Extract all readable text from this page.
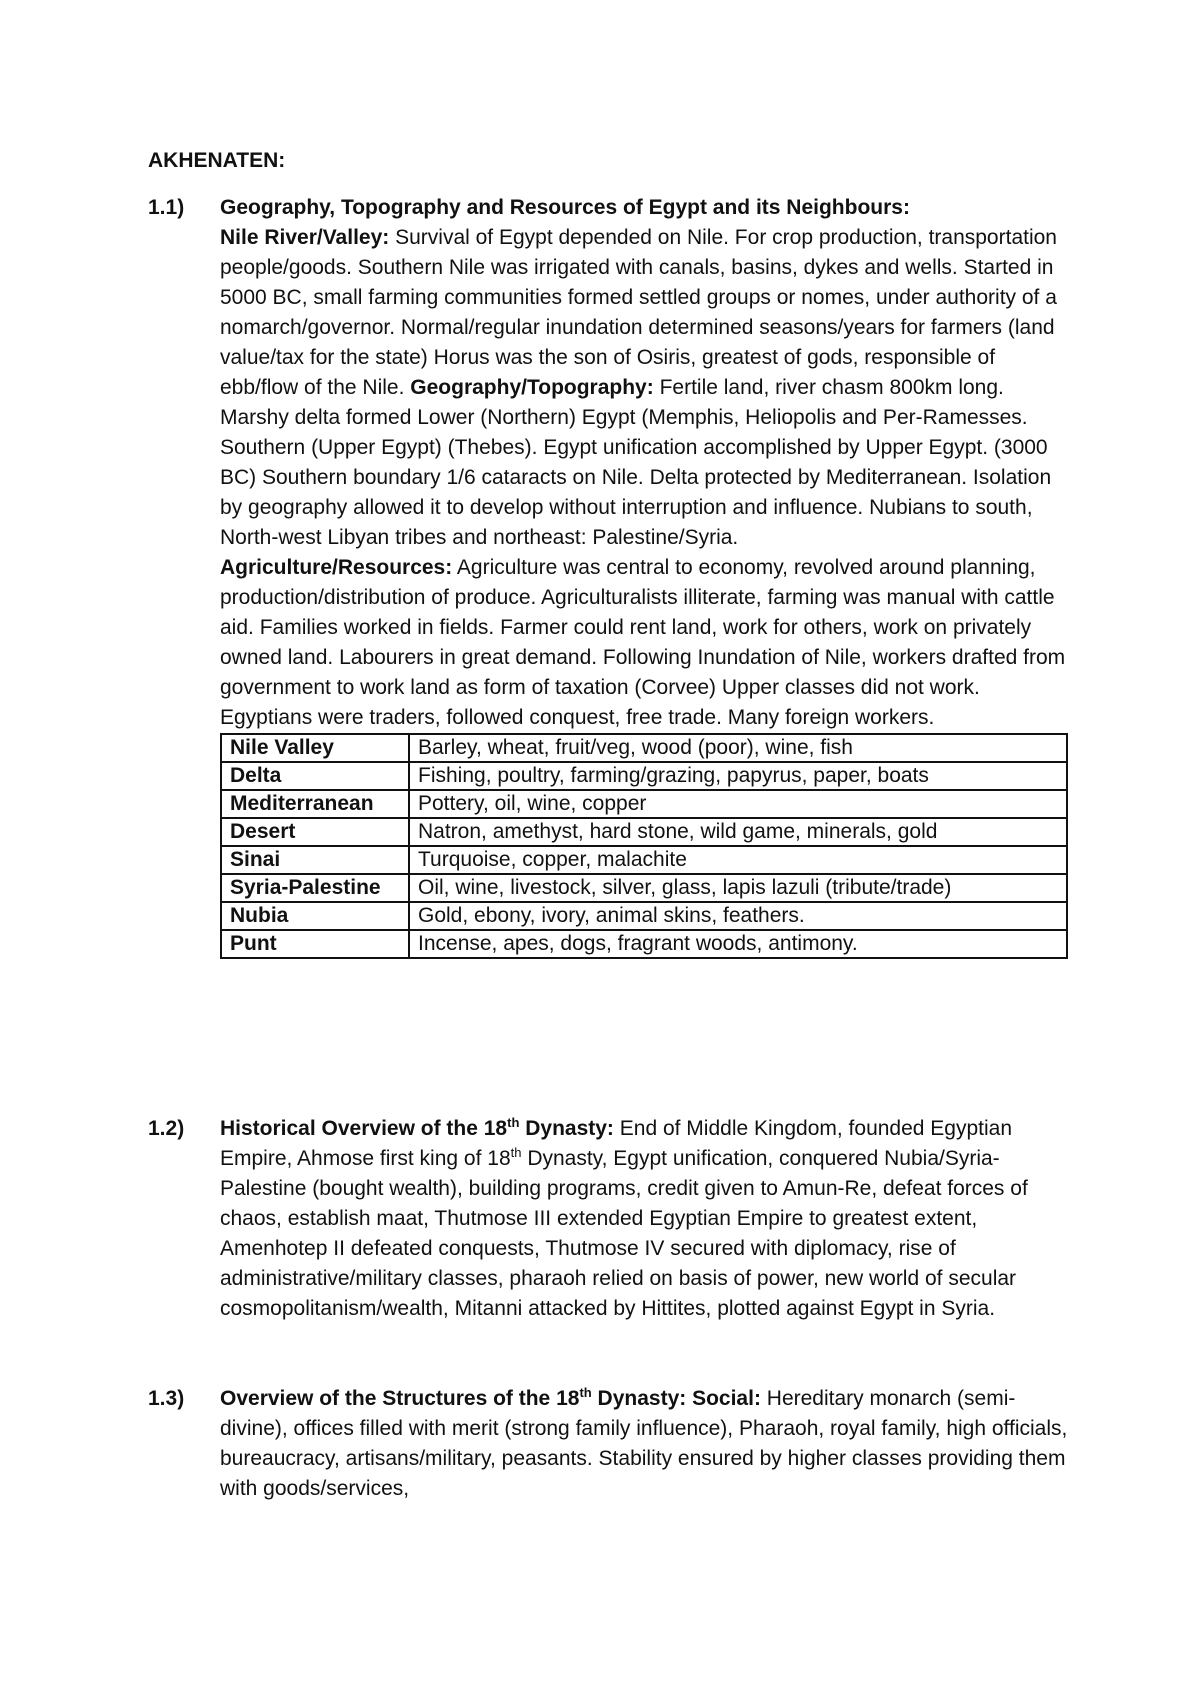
AKHENATEN:
1.1) Geography, Topography and Resources of Egypt and its Neighbours:
Nile River/Valley: Survival of Egypt depended on Nile. For crop production, transportation people/goods. Southern Nile was irrigated with canals, basins, dykes and wells. Started in 5000 BC, small farming communities formed settled groups or nomes, under authority of a nomarch/governor. Normal/regular inundation determined seasons/years for farmers (land value/tax for the state) Horus was the son of Osiris, greatest of gods, responsible of ebb/flow of the Nile. Geography/Topography: Fertile land, river chasm 800km long. Marshy delta formed Lower (Northern) Egypt (Memphis, Heliopolis and Per-Ramesses. Southern (Upper Egypt) (Thebes). Egypt unification accomplished by Upper Egypt. (3000 BC) Southern boundary 1/6 cataracts on Nile. Delta protected by Mediterranean. Isolation by geography allowed it to develop without interruption and influence. Nubians to south, North-west Libyan tribes and northeast: Palestine/Syria.
Agriculture/Resources: Agriculture was central to economy, revolved around planning, production/distribution of produce. Agriculturalists illiterate, farming was manual with cattle aid. Families worked in fields. Farmer could rent land, work for others, work on privately owned land. Labourers in great demand. Following Inundation of Nile, workers drafted from government to work land as form of taxation (Corvee) Upper classes did not work. Egyptians were traders, followed conquest, free trade. Many foreign workers.
Nile Valley	Barley, wheat, fruit/veg, wood (poor), wine, fish
Delta	Fishing, poultry, farming/grazing, papyrus, paper, boats
Mediterranean	Pottery, oil, wine, copper
Desert	Natron, amethyst, hard stone, wild game, minerals, gold
Sinai	Turquoise, copper, malachite
Syria-Palestine	Oil, wine, livestock, silver, glass, lapis lazuli (tribute/trade)
Nubia	Gold, ebony, ivory, animal skins, feathers.
Punt	Incense, apes, dogs, fragrant woods, antimony.
1.2) Historical Overview of the 18th Dynasty: End of Middle Kingdom, founded Egyptian Empire, Ahmose first king of 18th Dynasty, Egypt unification, conquered Nubia/Syria-Palestine (bought wealth), building programs, credit given to Amun-Re, defeat forces of chaos, establish maat, Thutmose III extended Egyptian Empire to greatest extent, Amenhotep II defeated conquests, Thutmose IV secured with diplomacy, rise of administrative/military classes, pharaoh relied on basis of power, new world of secular cosmopolitanism/wealth, Mitanni attacked by Hittites, plotted against Egypt in Syria.
1.3) Overview of the Structures of the 18th Dynasty: Social: Hereditary monarch (semi-divine), offices filled with merit (strong family influence), Pharaoh, royal family, high officials, bureaucracy, artisans/military, peasants. Stability ensured by higher classes providing them with goods/services,
